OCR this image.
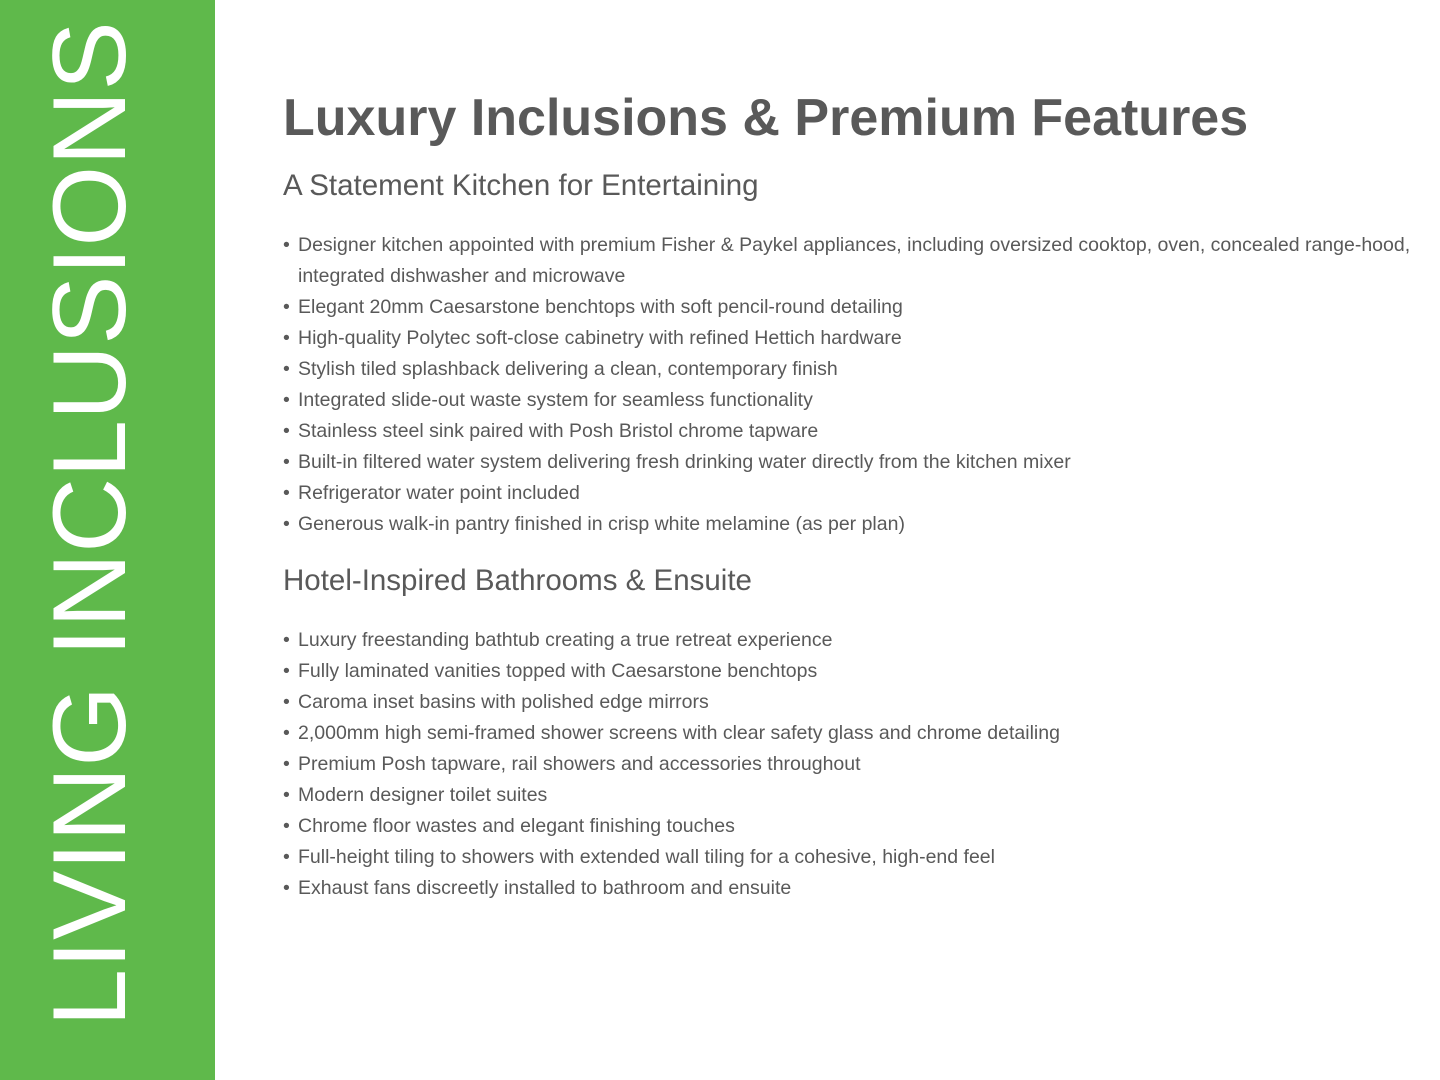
LIVING INCLUSIONS	Luxury Inclusions & Premium Features
A Statement Kitchen for Entertaining
• Designer kitchen appointed with premium Fisher & Paykel appliances, including oversized cooktop, oven, concealed range-hood, integrated dishwasher and microwave
• Elegant 20mm Caesarstone benchtops with soft pencil-round detailing
• High-quality Polytec soft-close cabinetry with refined Hettich hardware
• Stylish tiled splashback delivering a clean, contemporary finish
• Integrated slide-out waste system for seamless functionality
• Stainless steel sink paired with Posh Bristol chrome tapware
• Built-in filtered water system delivering fresh drinking water directly from the kitchen mixer
• Refrigerator water point included
• Generous walk-in pantry finished in crisp white melamine (as per plan)
Hotel-Inspired Bathrooms & Ensuite
• Luxury freestanding bathtub creating a true retreat experience
• Fully laminated vanities topped with Caesarstone benchtops
• Caroma inset basins with polished edge mirrors
• 2,000mm high semi-framed shower screens with clear safety glass and chrome detailing
• Premium Posh tapware, rail showers and accessories throughout
• Modern designer toilet suites
• Chrome floor wastes and elegant finishing touches
• Full-height tiling to showers with extended wall tiling for a cohesive, high-end feel
• Exhaust fans discreetly installed to bathroom and ensuite
